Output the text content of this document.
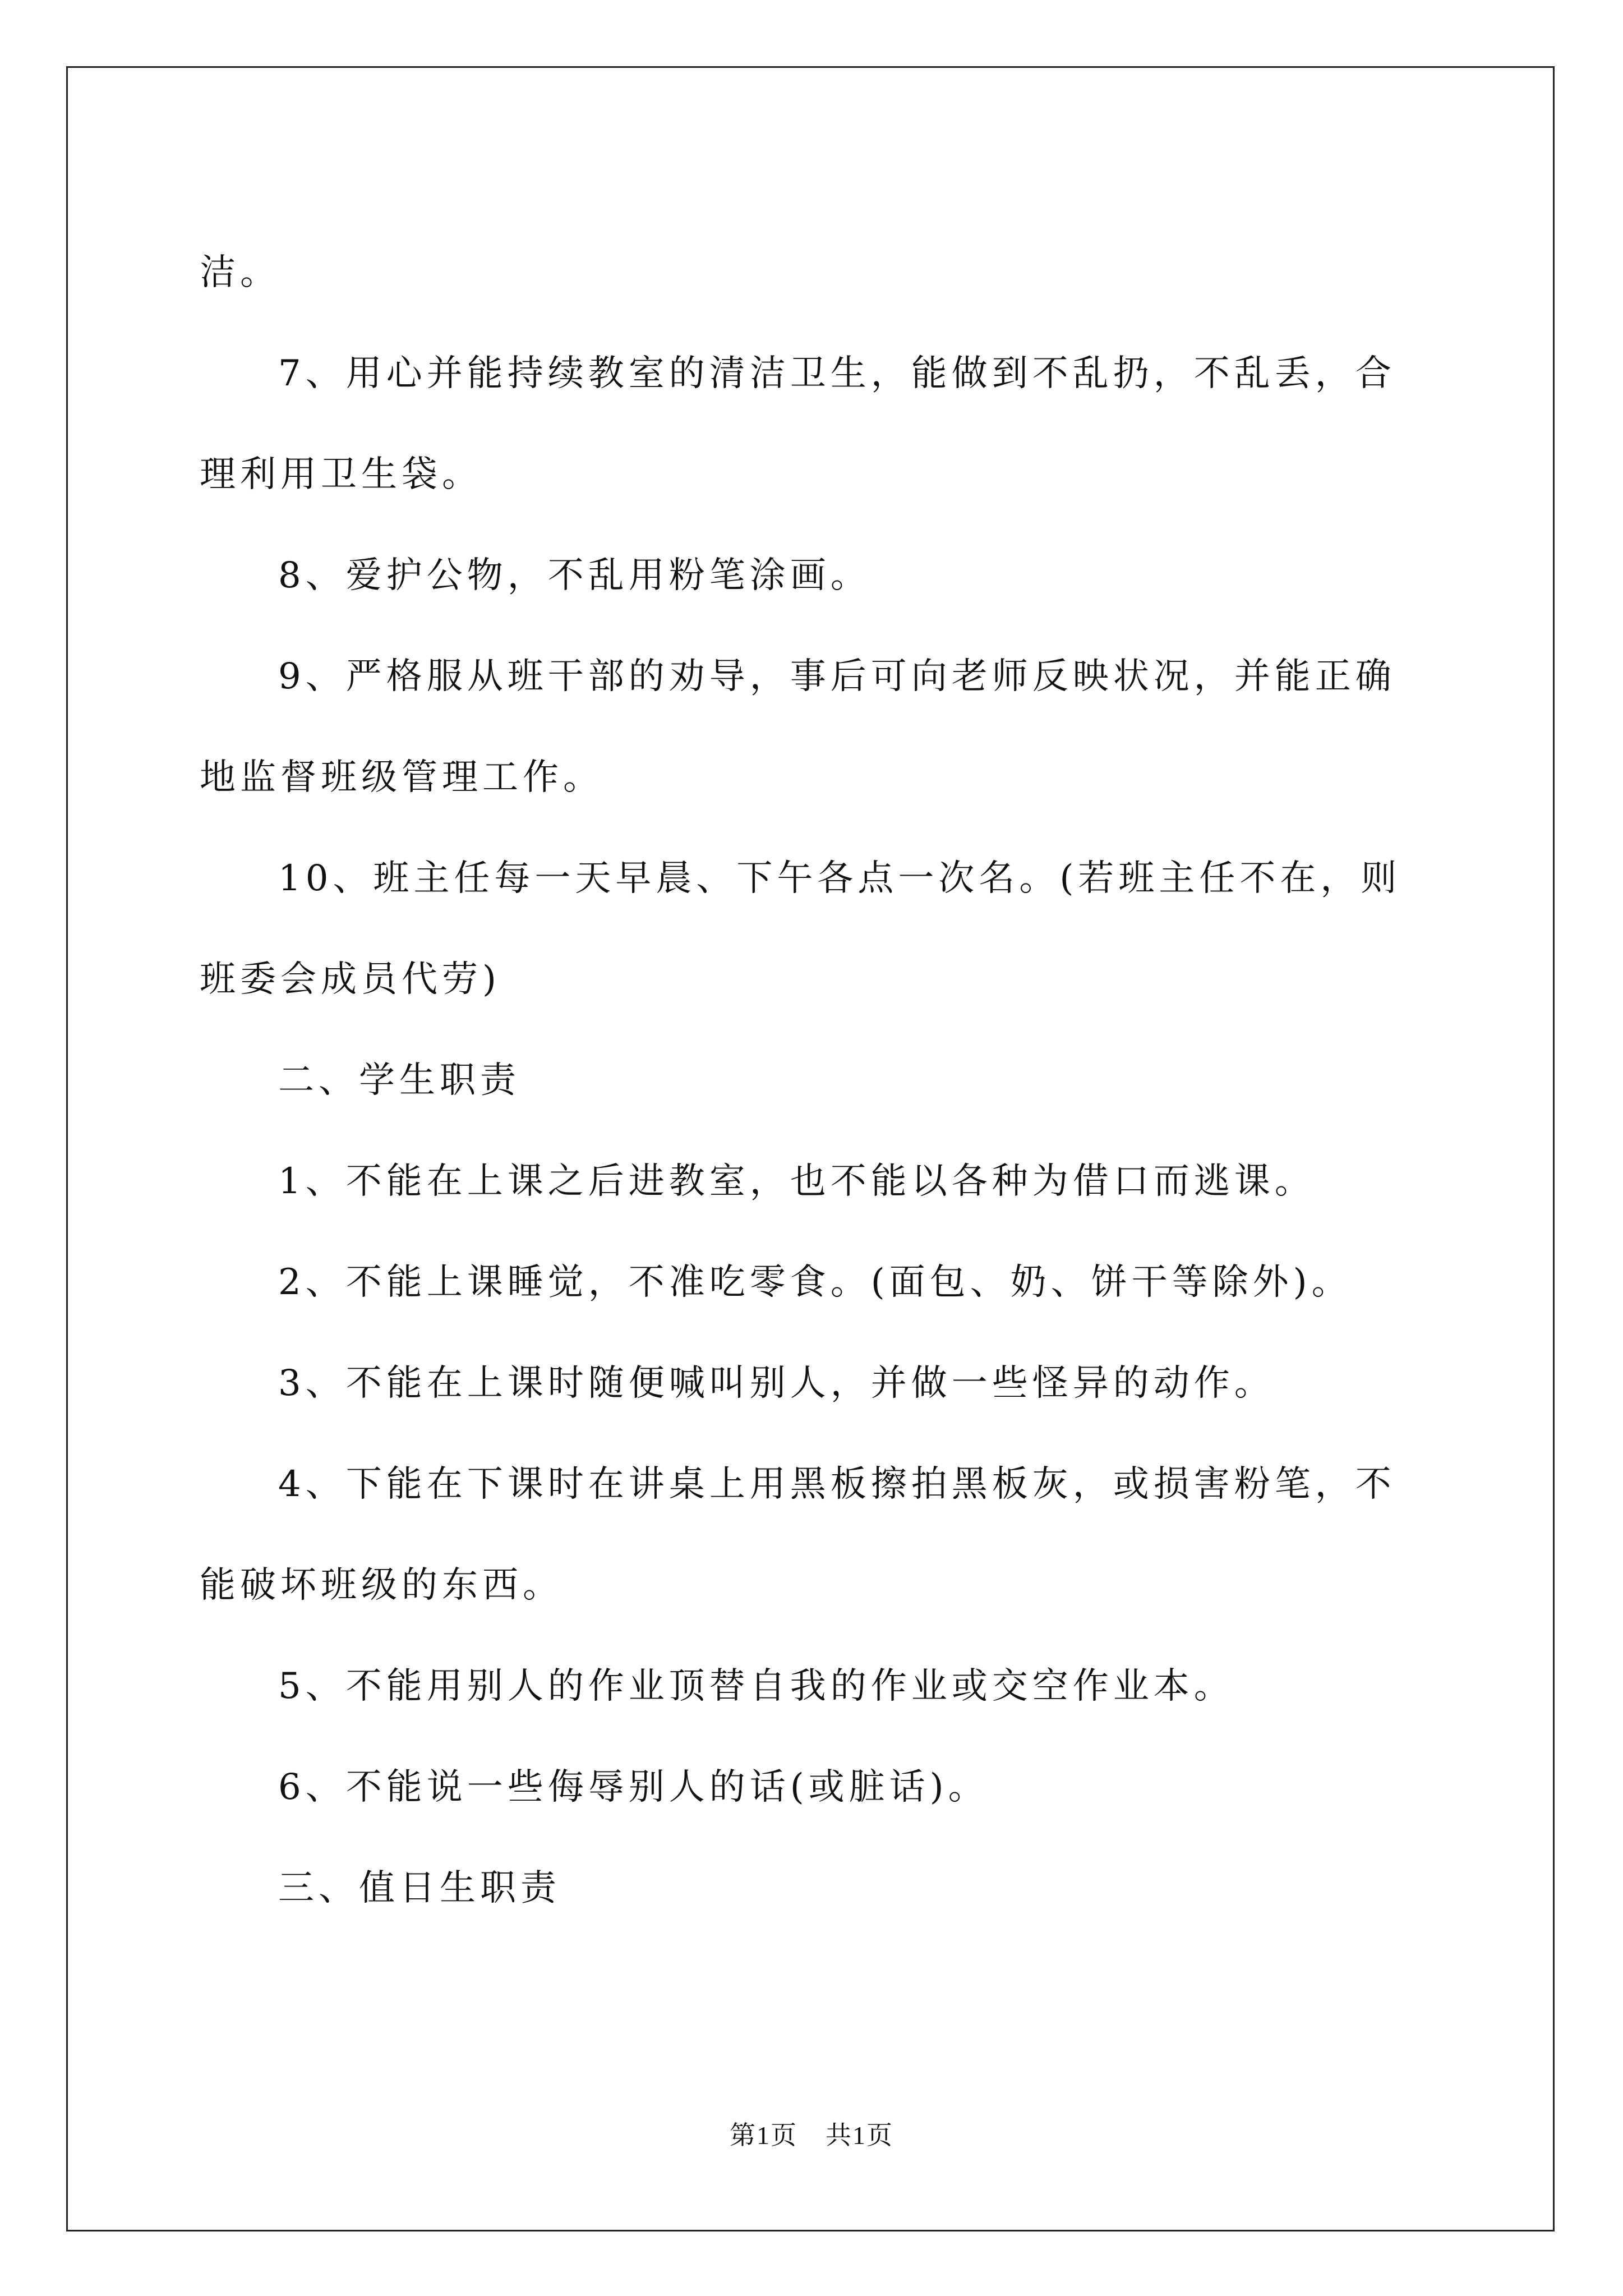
洁。

7、用心并能持续教室的清洁卫生，能做到不乱扔，不乱丢，合理利用卫生袋。

8、爱护公物，不乱用粉笔涂画。

9、严格服从班干部的劝导，事后可向老师反映状况，并能正确地监督班级管理工作。

10、班主任每一天早晨、下午各点一次名。(若班主任不在，则班委会成员代劳)

二、学生职责

1、不能在上课之后进教室，也不能以各种为借口而逃课。

2、不能上课睡觉，不准吃零食。(面包、奶、饼干等除外)。

3、不能在上课时随便喊叫别人，并做一些怪异的动作。

4、下能在下课时在讲桌上用黑板擦拍黑板灰，或损害粉笔，不能破坏班级的东西。

5、不能用别人的作业顶替自我的作业或交空作业本。

6、不能说一些侮辱别人的话(或脏话)。

三、值日生职责

第1页 共1页
